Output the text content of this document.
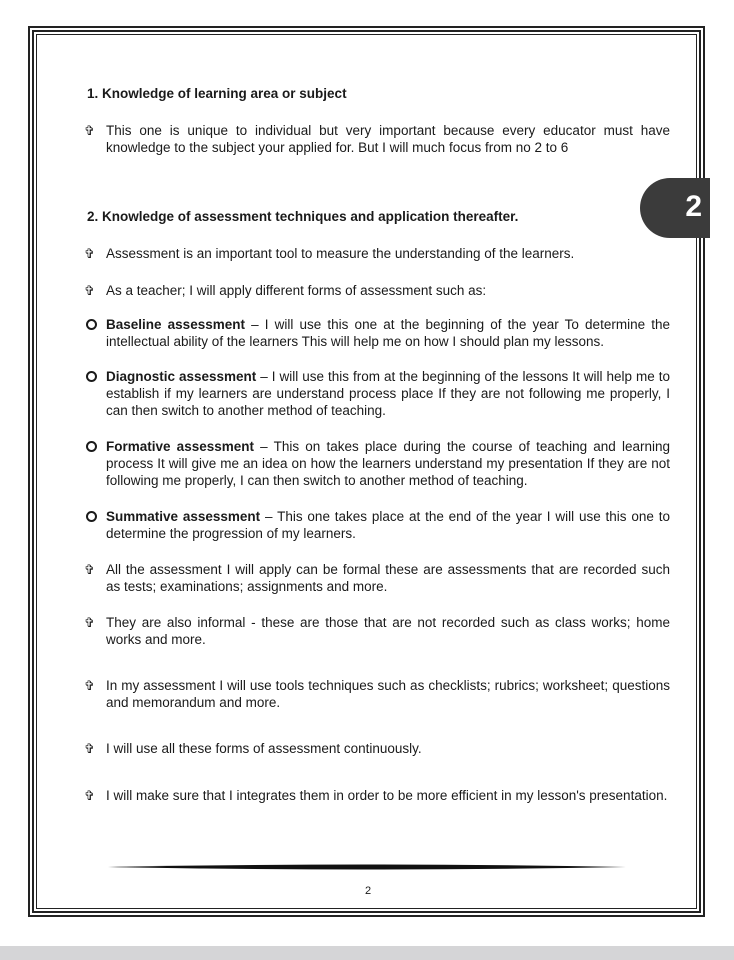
2
1. Knowledge of learning area or subject
✞ This one is unique to individual but very important because every educator must have knowledge to the subject your applied for. But I will much focus from no 2 to 6
2. Knowledge of assessment techniques and application thereafter.
✞ Assessment is an important tool to measure the understanding of the learners.
✞ As a teacher; I will apply different forms of assessment such as:
Baseline assessment – I will use this one at the beginning of the year To determine the intellectual ability of the learners This will help me on how I should plan my lessons.
Diagnostic assessment – I will use this from at the beginning of the lessons It will help me to establish if my learners are understand process place If they are not following me properly, I can then switch to another method of teaching.
Formative assessment – This on takes place during the course of teaching and learning process It will give me an idea on how the learners understand my presentation If they are not following me properly, I can then switch to another method of teaching.
Summative assessment – This one takes place at the end of the year I will use this one to determine the progression of my learners.
✞ All the assessment I will apply can be formal these are assessments that are recorded such as tests; examinations; assignments and more.
✞ They are also informal - these are those that are not recorded such as class works; home works and more.
✞ In my assessment I will use tools techniques such as checklists; rubrics; worksheet; questions and memorandum and more.
✞ I will use all these forms of assessment continuously.
✞ I will make sure that I integrates them in order to be more efficient in my lesson's presentation.
2
